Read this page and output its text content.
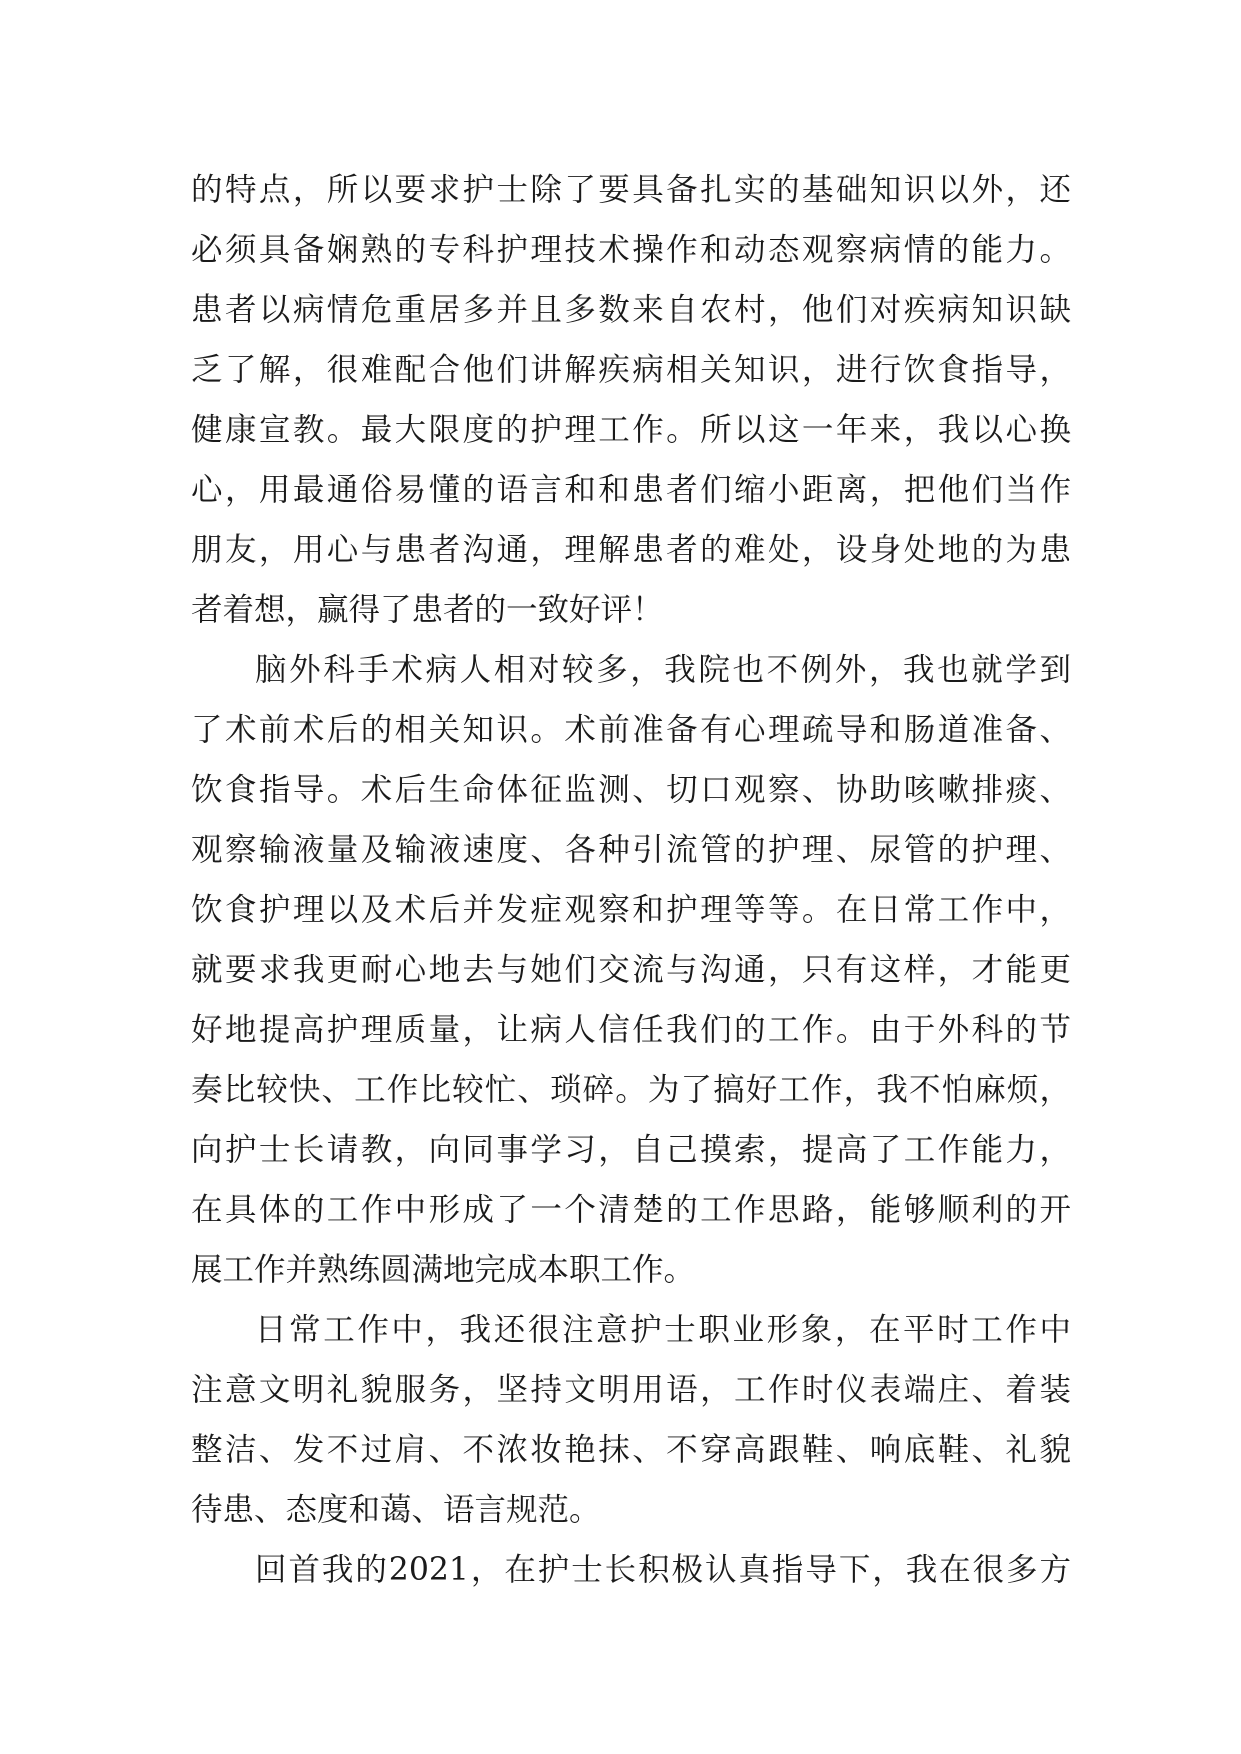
的特点，所以要求护士除了要具备扎实的基础知识以外，还
必须具备娴熟的专科护理技术操作和动态观察病情的能力。
患者以病情危重居多并且多数来自农村，他们对疾病知识缺
乏了解，很难配合他们讲解疾病相关知识，进行饮食指导，
健康宣教。最大限度的护理工作。所以这一年来，我以心换
心，用最通俗易懂的语言和和患者们缩小距离，把他们当作
朋友，用心与患者沟通，理解患者的难处，设身处地的为患
者着想，赢得了患者的一致好评！
脑外科手术病人相对较多，我院也不例外，我也就学到
了术前术后的相关知识。术前准备有心理疏导和肠道准备、
饮食指导。术后生命体征监测、切口观察、协助咳嗽排痰、
观察输液量及输液速度、各种引流管的护理、尿管的护理、
饮食护理以及术后并发症观察和护理等等。在日常工作中，
就要求我更耐心地去与她们交流与沟通，只有这样，才能更
好地提高护理质量，让病人信任我们的工作。由于外科的节
奏比较快、工作比较忙、琐碎。为了搞好工作，我不怕麻烦，
向护士长请教，向同事学习，自己摸索，提高了工作能力，
在具体的工作中形成了一个清楚的工作思路，能够顺利的开
展工作并熟练圆满地完成本职工作。
日常工作中，我还很注意护士职业形象，在平时工作中
注意文明礼貌服务，坚持文明用语，工作时仪表端庄、着装
整洁、发不过肩、不浓妆艳抹、不穿高跟鞋、响底鞋、礼貌
待患、态度和蔼、语言规范。
回首我的2021，在护士长积极认真指导下，我在很多方
